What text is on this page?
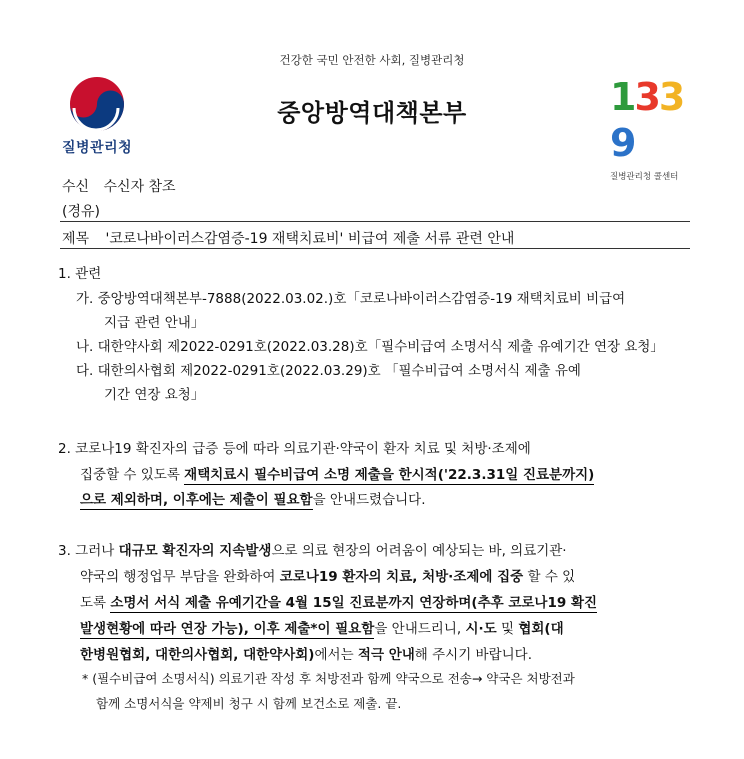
건강한 국민 안전한 사회, 질병관리청
질병관리청
중앙방역대책본부	1339
질병관리청 콜센터
수신 수신자 참조
(경유)
제목 '코로나바이러스감염증-19 재택치료비' 비급여 제출 서류 관련 안내
1. 관련
가. 중앙방역대책본부-7888(2022.03.02.)호「코로나바이러스감염증-19 재택치료비 비급여
지급 관련 안내」
나. 대한약사회 제2022-0291호(2022.03.28)호「필수비급여 소명서식 제출 유예기간 연장 요청」
다. 대한의사협회 제2022-0291호(2022.03.29)호 「필수비급여 소명서식 제출 유예
기간 연장 요청」
2. 코로나19 확진자의 급증 등에 따라 의료기관·약국이 환자 치료 및 처방·조제에
집중할 수 있도록 재택치료시 필수비급여 소명 제출을 한시적('22.3.31일 진료분까지)
으로 제외하며, 이후에는 제출이 필요함을 안내드렸습니다.
3. 그러나 대규모 확진자의 지속발생으로 의료 현장의 어려움이 예상되는 바, 의료기관·
약국의 행정업무 부담을 완화하여 코로나19 환자의 치료, 처방·조제에 집중 할 수 있
도록 소명서 서식 제출 유예기간을 4월 15일 진료분까지 연장하며(추후 코로나19 확진
발생현황에 따라 연장 가능), 이후 제출*이 필요함을 안내드리니, 시·도 및 협회(대
한병원협회, 대한의사협회, 대한약사회)에서는 적극 안내해 주시기 바랍니다.
* (필수비급여 소명서식) 의료기관 작성 후 처방전과 함께 약국으로 전송→ 약국은 처방전과
함께 소명서식을 약제비 청구 시 함께 보건소로 제출. 끝.
